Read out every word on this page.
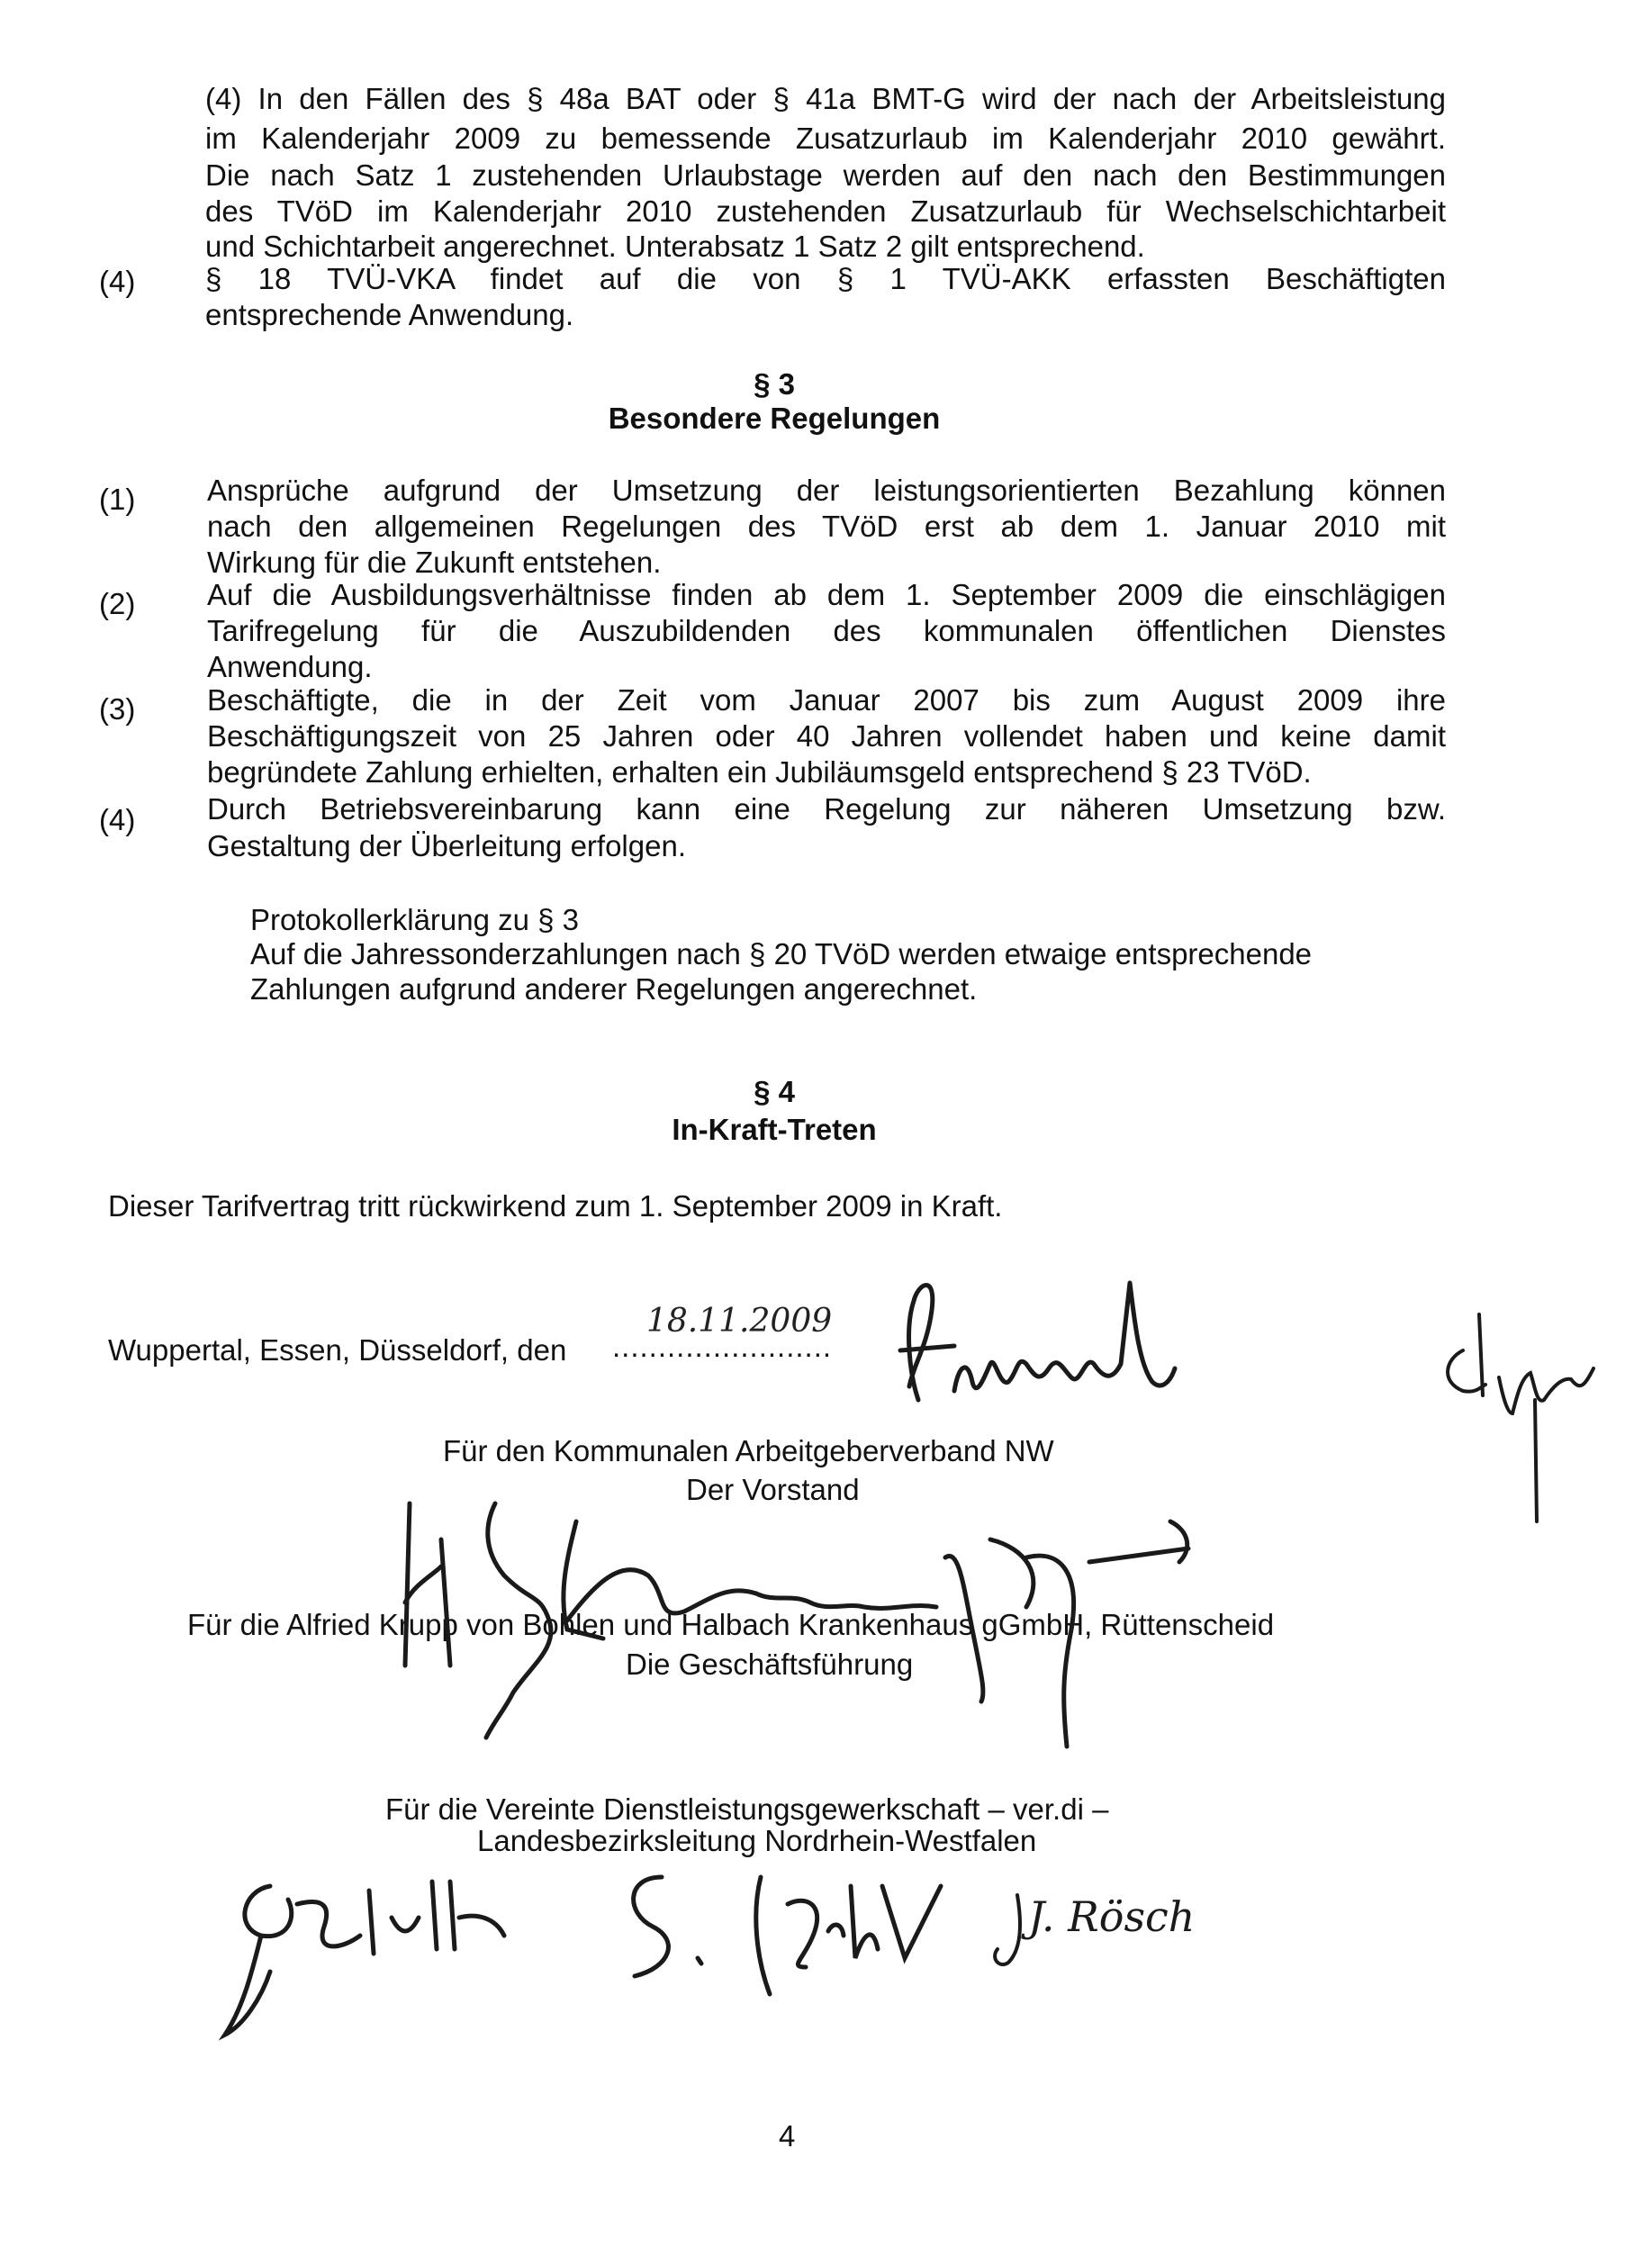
(4) In den Fällen des § 48a BAT oder § 41a BMT-G wird der nach der Arbeitsleistung
im Kalenderjahr 2009 zu bemessende Zusatzurlaub im Kalenderjahr 2010 gewährt.
Die nach Satz 1 zustehenden Urlaubstage werden auf den nach den Bestimmungen
des TVöD im Kalenderjahr 2010 zustehenden Zusatzurlaub für Wechselschichtarbeit
und Schichtarbeit angerechnet. Unterabsatz 1 Satz 2 gilt entsprechend.
(4) § 18 TVÜ-VKA findet auf die von § 1 TVÜ-AKK erfassten Beschäftigten
entsprechende Anwendung.
§ 3
Besondere Regelungen
(1) Ansprüche aufgrund der Umsetzung der leistungsorientierten Bezahlung können
nach den allgemeinen Regelungen des TVöD erst ab dem 1. Januar 2010 mit
Wirkung für die Zukunft entstehen.
(2) Auf die Ausbildungsverhältnisse finden ab dem 1. September 2009 die einschlägigen
Tarifregelung für die Auszubildenden des kommunalen öffentlichen Dienstes
Anwendung.
(3) Beschäftigte, die in der Zeit vom Januar 2007 bis zum August 2009 ihre
Beschäftigungszeit von 25 Jahren oder 40 Jahren vollendet haben und keine damit
begründete Zahlung erhielten, erhalten ein Jubiläumsgeld entsprechend § 23 TVöD.
(4) Durch Betriebsvereinbarung kann eine Regelung zur näheren Umsetzung bzw.
Gestaltung der Überleitung erfolgen.
Protokollerklärung zu § 3
Auf die Jahressonderzahlungen nach § 20 TVöD werden etwaige entsprechende
Zahlungen aufgrund anderer Regelungen angerechnet.
§ 4
In-Kraft-Treten
Dieser Tarifvertrag tritt rückwirkend zum 1. September 2009 in Kraft.
Wuppertal, Essen, Düsseldorf, den ........................
18.11.2009
Für den Kommunalen Arbeitgeberverband NW
Der Vorstand
Für die Alfried Krupp von Bohlen und Halbach Krankenhaus gGmbH, Rüttenscheid
Die Geschäftsführung
Für die Vereinte Dienstleistungsgewerkschaft – ver.di –
Landesbezirksleitung Nordrhein-Westfalen
J. Rösch
4
